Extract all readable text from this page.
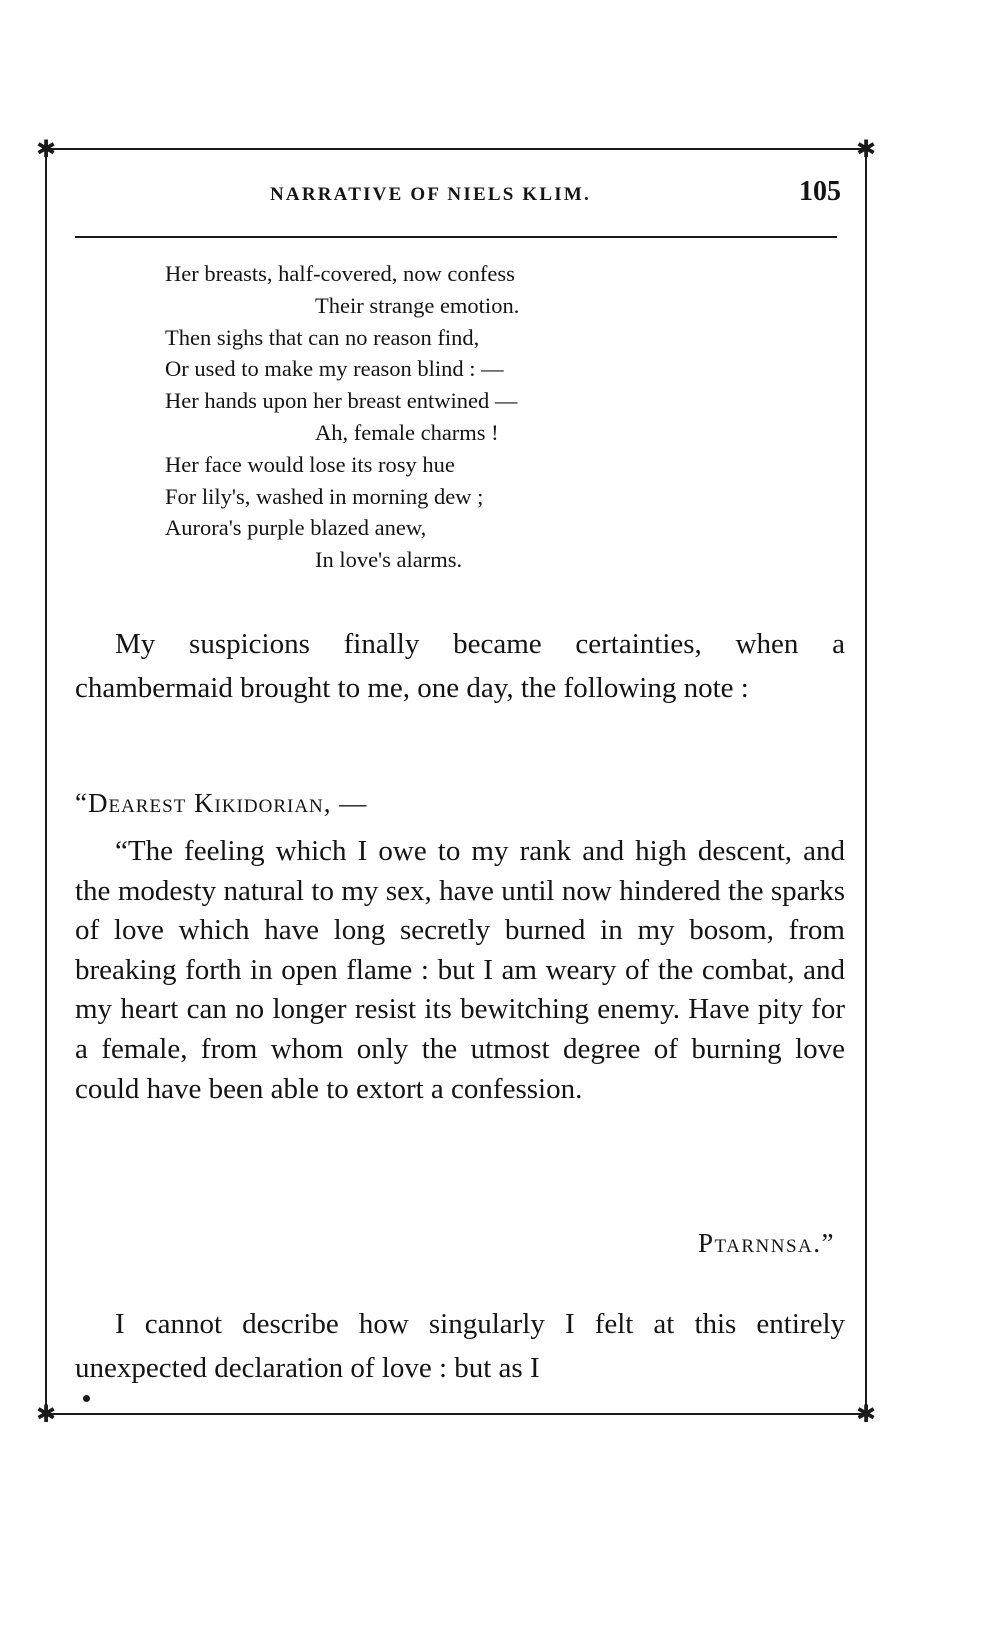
✱	✱
✱	✱
NARRATIVE OF NIELS KLIM.	105
Her breasts, half-covered, now confess
Their strange emotion.
Then sighs that can no reason find,
Or used to make my reason blind : —
Her hands upon her breast entwined —
Ah, female charms !
Her face would lose its rosy hue
For lily's, washed in morning dew ;
Aurora's purple blazed anew,
In love's alarms.
My suspicions finally became certainties, when a chambermaid brought to me, one day, the following note :
“Dearest Kikidorian, —
“The feeling which I owe to my rank and high descent, and the modesty natural to my sex, have until now hindered the sparks of love which have long secretly burned in my bosom, from breaking forth in open flame : but I am weary of the combat, and my heart can no longer resist its bewitching enemy. Have pity for a female, from whom only the utmost degree of burning love could have been able to extort a confession.
Ptarnnsa.”
I cannot describe how singularly I felt at this entirely unexpected declaration of love : but as I
